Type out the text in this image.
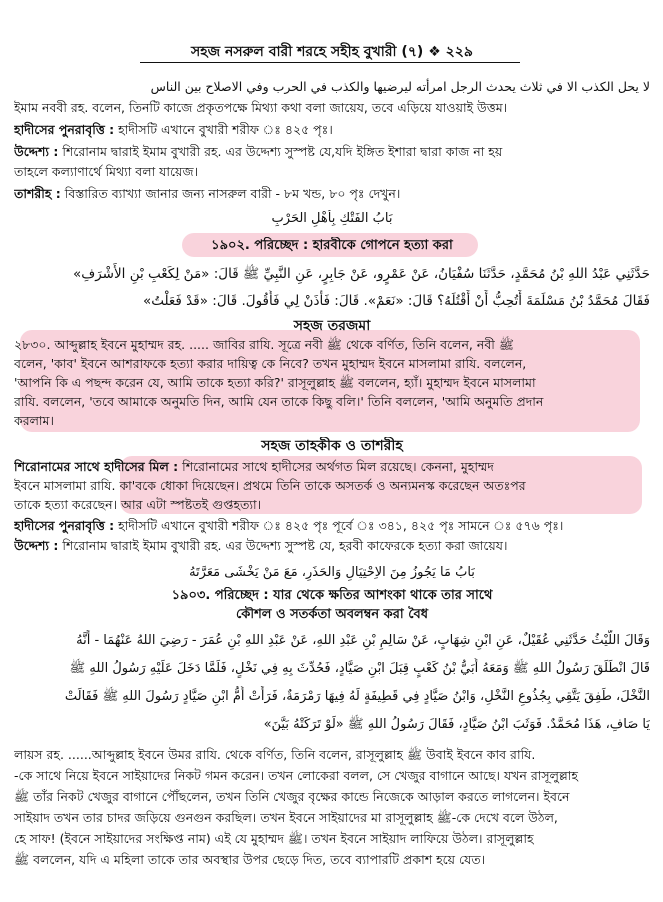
সহজ নসরুল বারী শরহে সহীহ বুখারী (৭) ❖ ২২৯
لا يحل الكذب الا في ثلاث يحدث الرجل امرأته ليرضيها والكذب في الحرب وفي الاصلاح بين الناس
ইমাম নববী রহ. বলেন, তিনটি কাজে প্রকৃতপক্ষে মিথ্যা কথা বলা জায়েয, তবে এড়িয়ে যাওয়াই উত্তম।
হাদীসের পুনরাবৃত্তি : হাদীসটি এখানে বুখারী শরীফ ঃ ৪২৫ পৃঃ।
উদ্দেশ্য : শিরোনাম দ্বারাই ইমাম বুখারী রহ. এর উদ্দেশ্য সুস্পষ্ট যে,যদি ইঙ্গিত ইশারা দ্বারা কাজ না হয়
তাহলে কল্যাণার্থে মিথ্যা বলা যায়েজ।
তাশরীহ : বিস্তারিত ব্যাখ্যা জানার জন্য নাসরুল বারী - ৮ম খন্ড, ৮০ পৃঃ দেখুন।
بَابُ الفَتْكِ بِأَهْلِ الحَرْبِ
১৯০২. পরিচ্ছেদ : হারবীকে গোপনে হত্যা করা
حَدَّثَنِي عَبْدُ اللهِ بْنُ مُحَمَّدٍ، حَدَّثَنَا سُفْيَانُ، عَنْ عَمْرٍو، عَنْ جَابِرٍ، عَنِ النَّبِيِّ ﷺ قَالَ: «مَنْ لِكَعْبِ بْنِ الأَشْرَفِ»
فَقَالَ مُحَمَّدُ بْنُ مَسْلَمَةَ أَتُحِبُّ أَنْ أَقْتُلَهُ؟ قَالَ: «نَعَمْ». قَالَ: فَأْذَنْ لِي فَأَقُولَ. قَالَ: «قَدْ فَعَلْتُ»
সহজ তরজমা
২৮৩০. আব্দুল্লাহ ইবনে মুহাম্মদ রহ. ..... জাবির রাযি. সূত্রে নবী ﷺ থেকে বর্ণিত, তিনি বলেন, নবী ﷺ
বলেন, 'কাব' ইবনে আশরাফকে হত্যা করার দায়িত্ব কে নিবে? তখন মুহাম্মদ ইবনে মাসলামা রাযি. বললেন,
'আপনি কি এ পছন্দ করেন যে, আমি তাকে হত্যা করি?' রাসূলুল্লাহ ﷺ বললেন, হ্যাঁ। মুহাম্মদ ইবনে মাসলামা
রাযি. বললেন, 'তবে আমাকে অনুমতি দিন, আমি যেন তাকে কিছু বলি।' তিনি বললেন, 'আমি অনুমতি প্রদান
করলাম।
সহজ তাহকীক ও তাশরীহ
শিরোনামের সাথে হাদীসের মিল : শিরোনামের সাথে হাদীসের অর্থগত মিল রয়েছে। কেননা, মুহাম্মদ
ইবনে মাসলামা রাযি. কা'বকে ধোকা দিয়েছেন। প্রথমে তিনি তাকে অসতর্ক ও অন্যমনস্ক করেছেন অতঃপর
তাকে হত্যা করেছেন। আর এটা স্পষ্টতই গুপ্তহত্যা।
হাদীসের পুনরাবৃত্তি : হাদীসটি এখানে বুখারী শরীফ ঃ ৪২৫ পৃঃ পূর্বে ঃ ৩৪১, ৪২৫ পৃঃ সামনে ঃ ৫৭৬ পৃঃ।
উদ্দেশ্য : শিরোনাম দ্বারাই ইমাম বুখারী রহ. এর উদ্দেশ্য সুস্পষ্ট যে, হরবী কাফেরকে হত্যা করা জায়েয।
بَابُ مَا يَجُوزُ مِنَ الاِحْتِيَالِ وَالحَذَرِ، مَعَ مَنْ يَخْشَى مَعَرَّتَهُ
১৯০৩. পরিচ্ছেদ : যার থেকে ক্ষতির আশংকা থাকে তার সাথে
কৌশল ও সতর্কতা অবলম্বন করা বৈধ
وَقَالَ اللَّيْثُ حَدَّثَنِي عُقَيْلٌ، عَنِ ابْنِ شِهَابٍ، عَنْ سَالِمِ بْنِ عَبْدِ اللهِ، عَنْ عَبْدِ اللهِ بْنِ عُمَرَ - رَضِيَ اللهُ عَنْهُمَا - أَنَّهُ
قَالَ انْطَلَقَ رَسُولُ اللهِ ﷺ وَمَعَهُ أُبَيُّ بْنُ كَعْبٍ قِبَلَ ابْنِ صَيَّادٍ، فَحُدِّثَ بِهِ فِي نَخْلٍ، فَلَمَّا دَخَلَ عَلَيْهِ رَسُولُ اللهِ ﷺ
النَّخْلَ، طَفِقَ يَتَّقِي بِجُذُوعِ النَّخْلِ، وَابْنُ صَيَّادٍ فِي قَطِيفَةٍ لَهُ فِيهَا رَمْرَمَةٌ، فَرَأَتْ أُمُّ ابْنِ صَيَّادٍ رَسُولَ اللهِ ﷺ فَقَالَتْ
يَا صَافِ، هَذَا مُحَمَّدٌ. فَوَثَبَ ابْنُ صَيَّادٍ، فَقَالَ رَسُولُ اللهِ ﷺ «لَوْ تَرَكَتْهُ بَيَّنَ»
লায়স রহ. ......আব্দুল্লাহ ইবনে উমর রাযি. থেকে বর্ণিত, তিনি বলেন, রাসূলুল্লাহ ﷺ উবাই ইবনে কাব রাযি.
-কে সাথে নিয়ে ইবনে সাইয়াদের নিকট গমন করেন। তখন লোকেরা বলল, সে খেজুর বাগানে আছে। যখন রাসূলুল্লাহ
ﷺ তাঁর নিকট খেজুর বাগানে পৌঁছলেন, তখন তিনি খেজুর বৃক্ষের কান্ডে নিজেকে আড়াল করতে লাগলেন। ইবনে
সাইয়াদ তখন তার চাদর জড়িয়ে গুনগুন করছিল। তখন ইবনে সাইয়াদের মা রাসূলুল্লাহ ﷺ-কে দেখে বলে উঠল,
হে সাফ! (ইবনে সাইয়াদের সংক্ষিপ্ত নাম) এই যে মুহাম্মদ ﷺ। তখন ইবনে সাইয়াদ লাফিয়ে উঠল। রাসূলুল্লাহ
ﷺ বললেন, যদি এ মহিলা তাকে তার অবস্থার উপর ছেড়ে দিত, তবে ব্যাপারটি প্রকাশ হয়ে যেত।
